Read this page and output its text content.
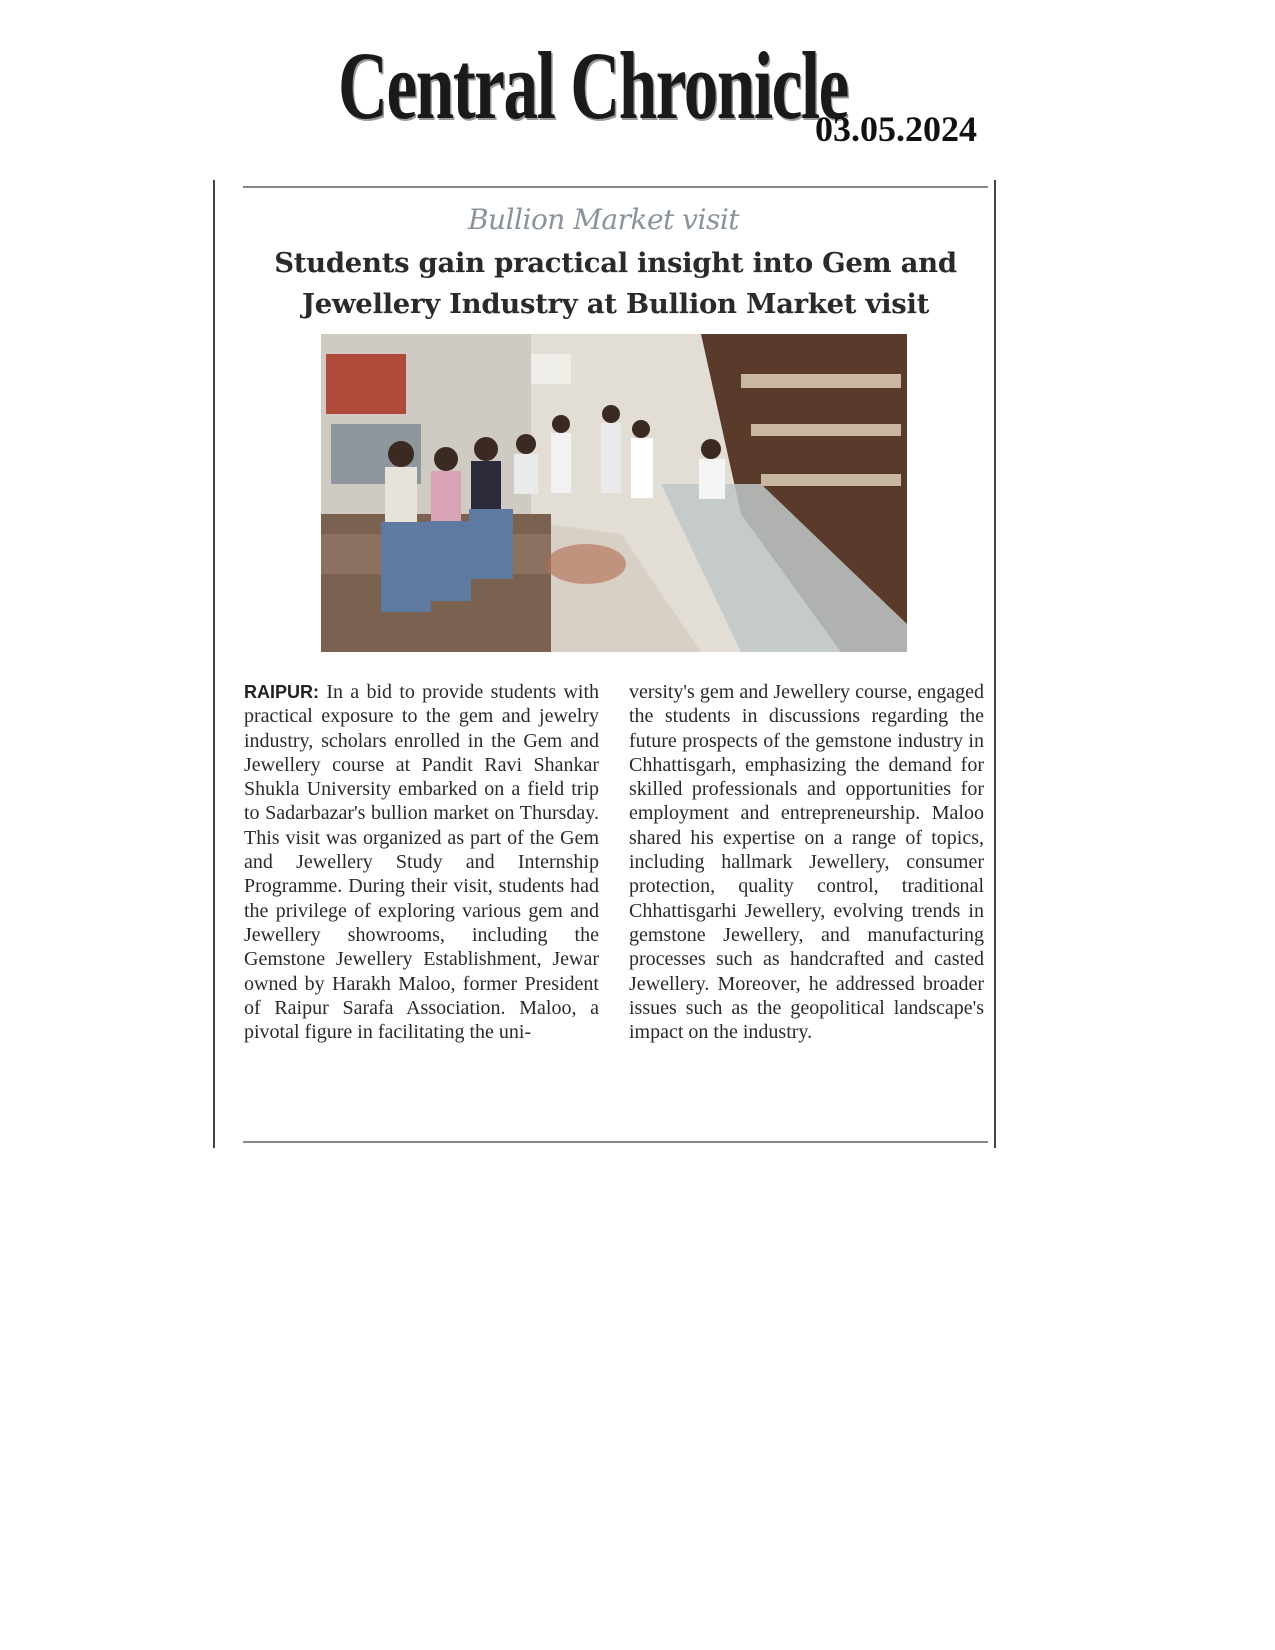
Central Chronicle
03.05.2024
Bullion Market visit
Students gain practical insight into Gem and Jewellery Industry at Bullion Market visit
RAIPUR: In a bid to provide students with practical exposure to the gem and jewelry industry, scholars enrolled in the Gem and Jewellery course at Pandit Ravi Shankar Shukla University embarked on a field trip to Sadarbazar's bullion market on Thursday. This visit was organized as part of the Gem and Jewellery Study and Internship Programme. During their visit, students had the privilege of exploring various gem and Jewellery showrooms, including the Gemstone Jewellery Establishment, Jewar owned by Harakh Maloo, former President of Raipur Sarafa Association. Maloo, a pivotal figure in facilitating the uni-
versity's gem and Jewellery course, engaged the students in discussions regarding the future prospects of the gemstone industry in Chhattisgarh, emphasizing the demand for skilled professionals and opportunities for employment and entrepreneurship. Maloo shared his expertise on a range of topics, including hallmark Jewellery, consumer protection, quality control, traditional Chhattisgarhi Jewellery, evolving trends in gemstone Jewellery, and manufacturing processes such as handcrafted and casted Jewellery. Moreover, he addressed broader issues such as the geopolitical landscape's impact on the industry.
